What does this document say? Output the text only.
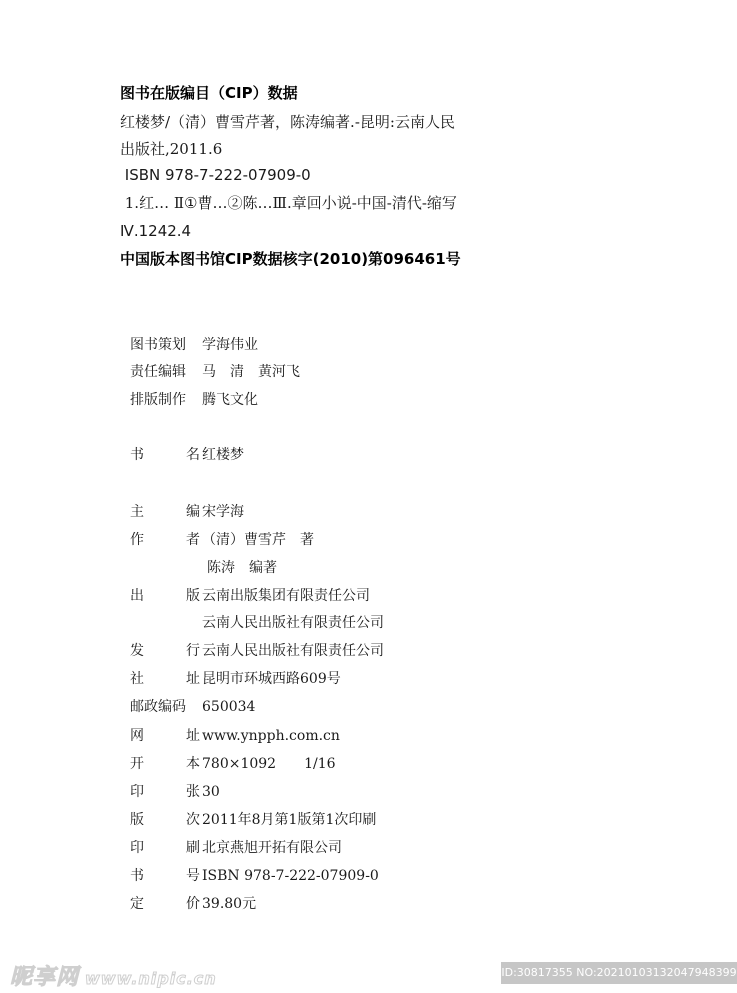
图书在版编目（CIP）数据
红楼梦/（清）曹雪芹著，陈涛编著.-昆明:云南人民
出版社,2011.6
ISBN 978-7-222-07909-0
1.红… Ⅱ①曹…②陈…Ⅲ.章回小说-中国-清代-缩写
Ⅳ.1242.4
中国版本图书馆CIP数据核字(2010)第096461号
图书策划	学海伟业
责任编辑	马　清　黄河飞
排版制作	腾飞文化
书	名 红楼梦
主	编 宋学海
作	者 （清）曹雪芹　著
陈涛　编著
出	版 云南出版集团有限责任公司
云南人民出版社有限责任公司
发	行 云南人民出版社有限责任公司
社	址 昆明市环城西路609号
邮政编码	650034
网	址 www.ynpph.com.cn
开	本 780×1092　　1/16
印	张 30
版	次 2011年8月第1版第1次印刷
印	刷 北京燕旭开拓有限公司
书	号 ISBN 978-7-222-07909-0
定	价 39.80元
昵享网 www.nipic.cn	ID:30817355 NO:20210103132047948399
